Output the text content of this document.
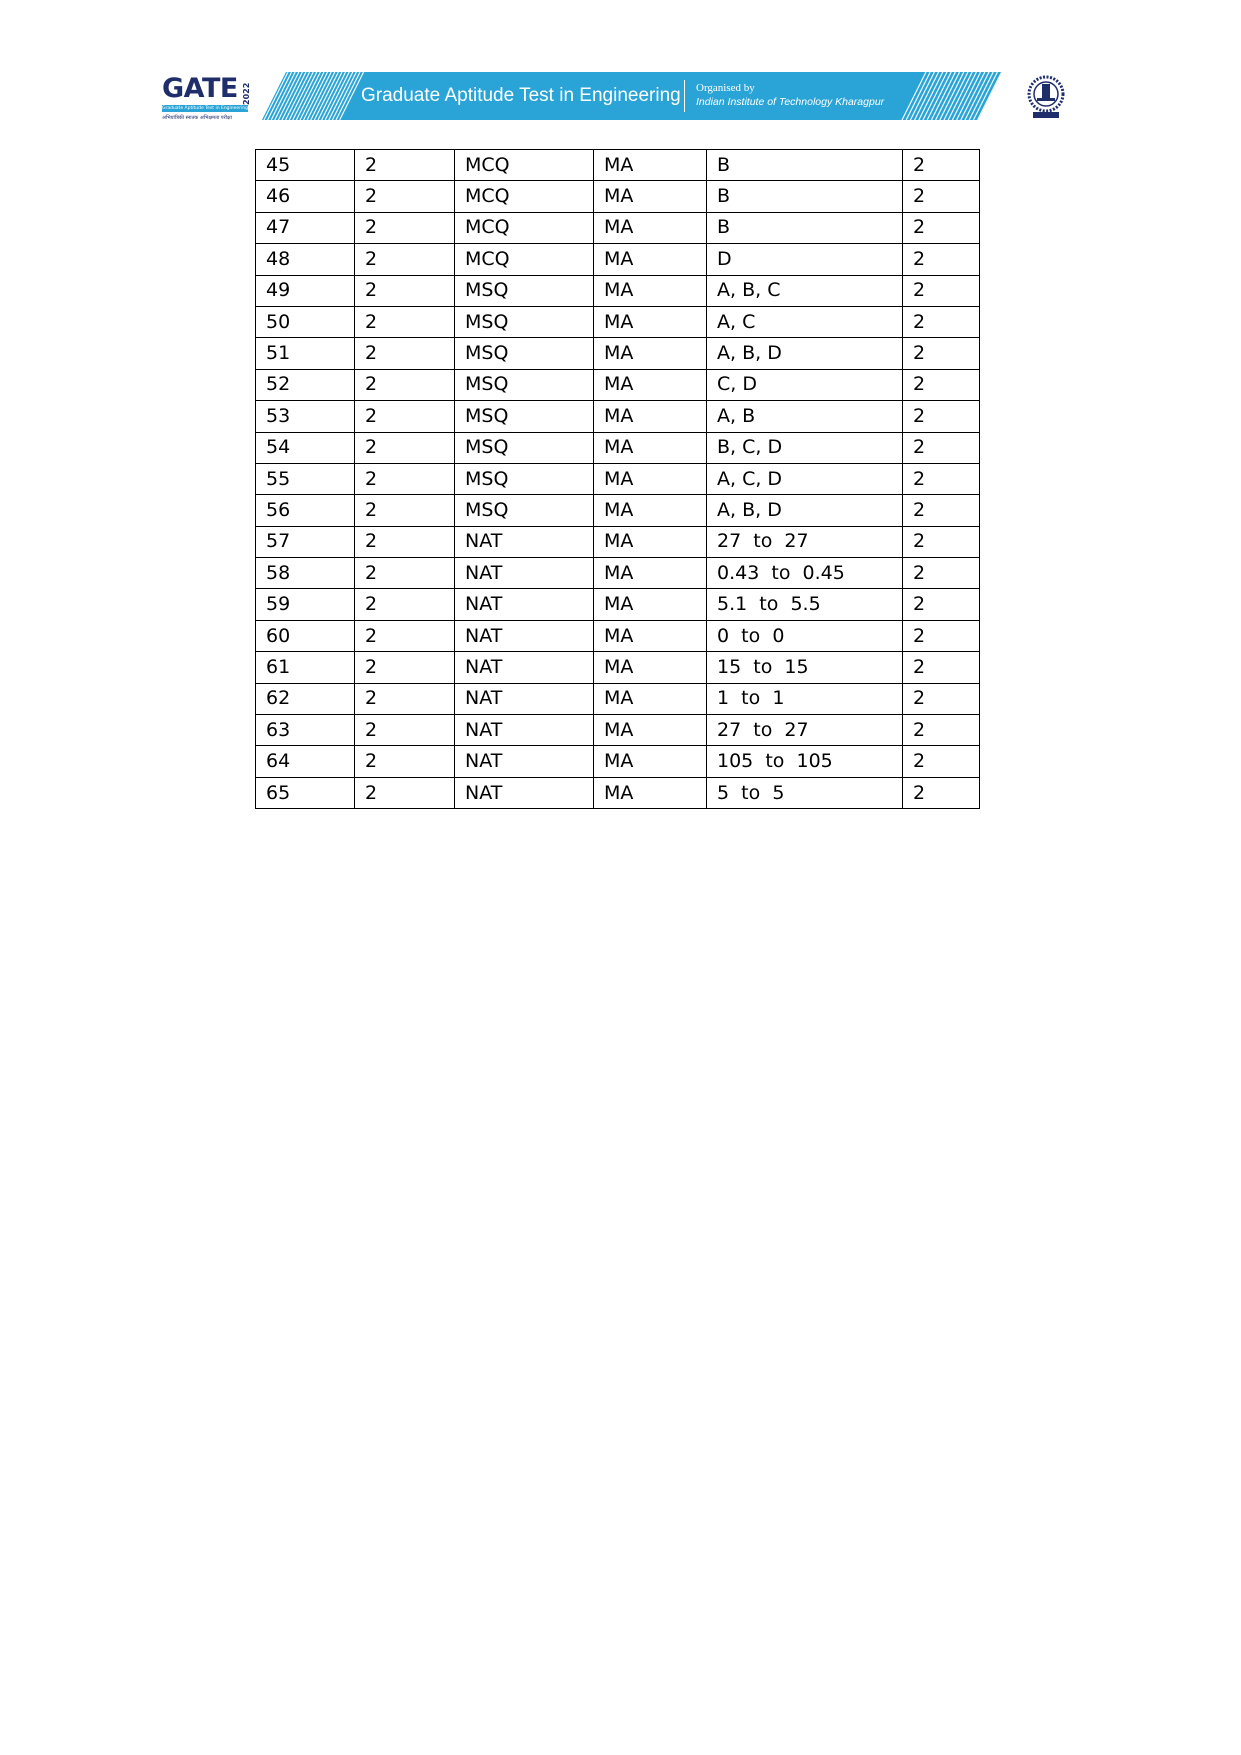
GATE 2022
Graduate Aptitude Test in Engineering
अभियांत्रिकी स्नातक अभिक्षमता परीक्षा
Graduate Aptitude Test in Engineering Organised by
Indian Institute of Technology Kharagpur
45	2	MCQ	MA	B	2
46	2	MCQ	MA	B	2
47	2	MCQ	MA	B	2
48	2	MCQ	MA	D	2
49	2	MSQ	MA	A, B, C	2
50	2	MSQ	MA	A, C	2
51	2	MSQ	MA	A, B, D	2
52	2	MSQ	MA	C, D	2
53	2	MSQ	MA	A, B	2
54	2	MSQ	MA	B, C, D	2
55	2	MSQ	MA	A, C, D	2
56	2	MSQ	MA	A, B, D	2
57	2	NAT	MA	27  to  27	2
58	2	NAT	MA	0.43  to  0.45	2
59	2	NAT	MA	5.1  to  5.5	2
60	2	NAT	MA	0  to  0	2
61	2	NAT	MA	15  to  15	2
62	2	NAT	MA	1  to  1	2
63	2	NAT	MA	27  to  27	2
64	2	NAT	MA	105  to  105	2
65	2	NAT	MA	5  to  5	2
